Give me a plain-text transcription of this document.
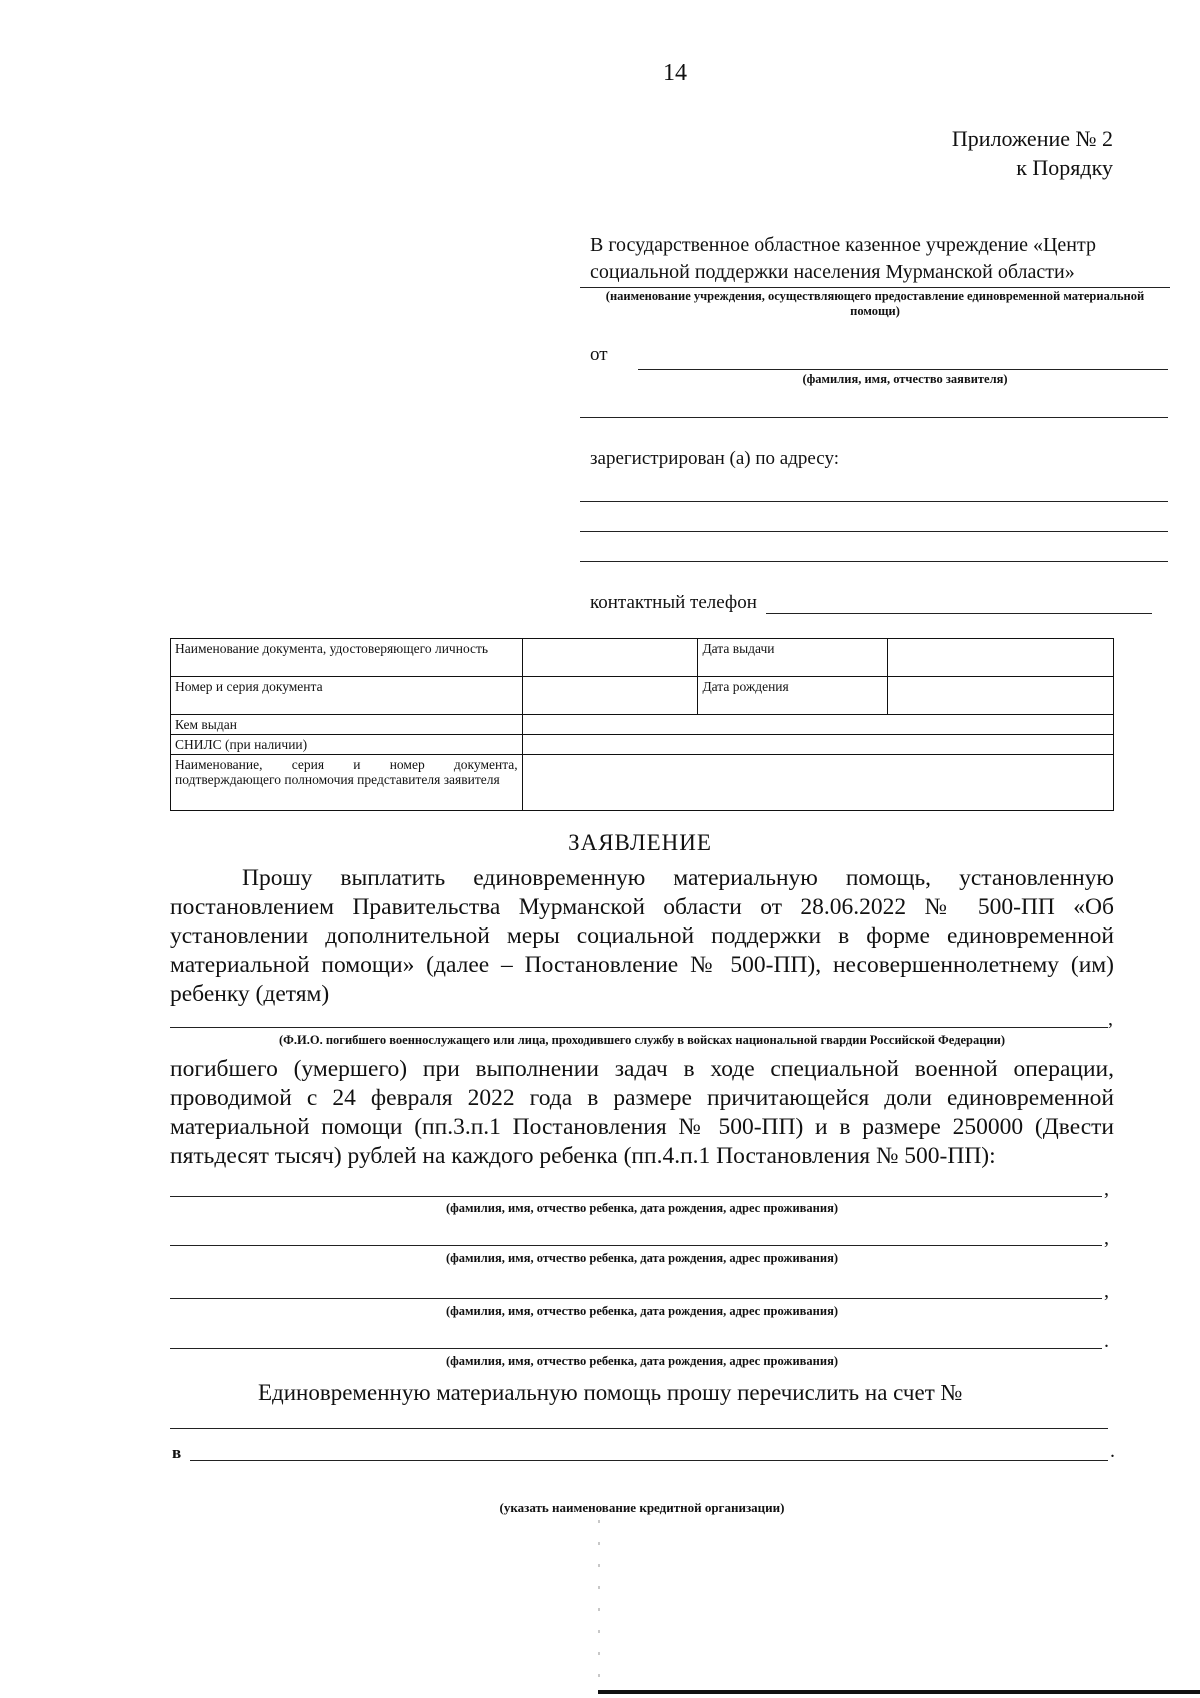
14
Приложение № 2
к Порядку
В государственное областное казенное учреждение «Центр
социальной поддержки населения Мурманской области»
(наименование учреждения, осуществляющего предоставление единовременной материальной помощи)
от
(фамилия, имя, отчество заявителя)
зарегистрирован (а) по адресу:
контактный телефон
Наименование документа, удостоверяющего личность		Дата выдачи	
Номер и серия документа		Дата рождения	
Кем выдан			
СНИЛС (при наличии)			
Наименование, серия и номер документа, подтверждающего полномочия представителя заявителя			
ЗАЯВЛЕНИЕ
Прошу выплатить единовременную материальную помощь, установленную постановлением Правительства Мурманской области от 28.06.2022 № 500-ПП «Об установлении дополнительной меры социальной поддержки в форме единовременной материальной помощи» (далее – Постановление № 500-ПП), несовершеннолетнему (им) ребенку (детям)
,
(Ф.И.О. погибшего военнослужащего или лица, проходившего службу в войсках национальной гвардии Российской Федерации)
погибшего (умершего) при выполнении задач в ходе специальной военной операции, проводимой с 24 февраля 2022 года в размере причитающейся доли единовременной материальной помощи (пп.3.п.1 Постановления № 500-ПП) и в размере 250000 (Двести пятьдесят тысяч) рублей на каждого ребенка (пп.4.п.1 Постановления № 500-ПП):
,
(фамилия, имя, отчество ребенка, дата рождения, адрес проживания)
,
(фамилия, имя, отчество ребенка, дата рождения, адрес проживания)
,
(фамилия, имя, отчество ребенка, дата рождения, адрес проживания)
.
(фамилия, имя, отчество ребенка, дата рождения, адрес проживания)
Единовременную материальную помощь прошу перечислить на счет №
в	.
(указать наименование кредитной организации)
